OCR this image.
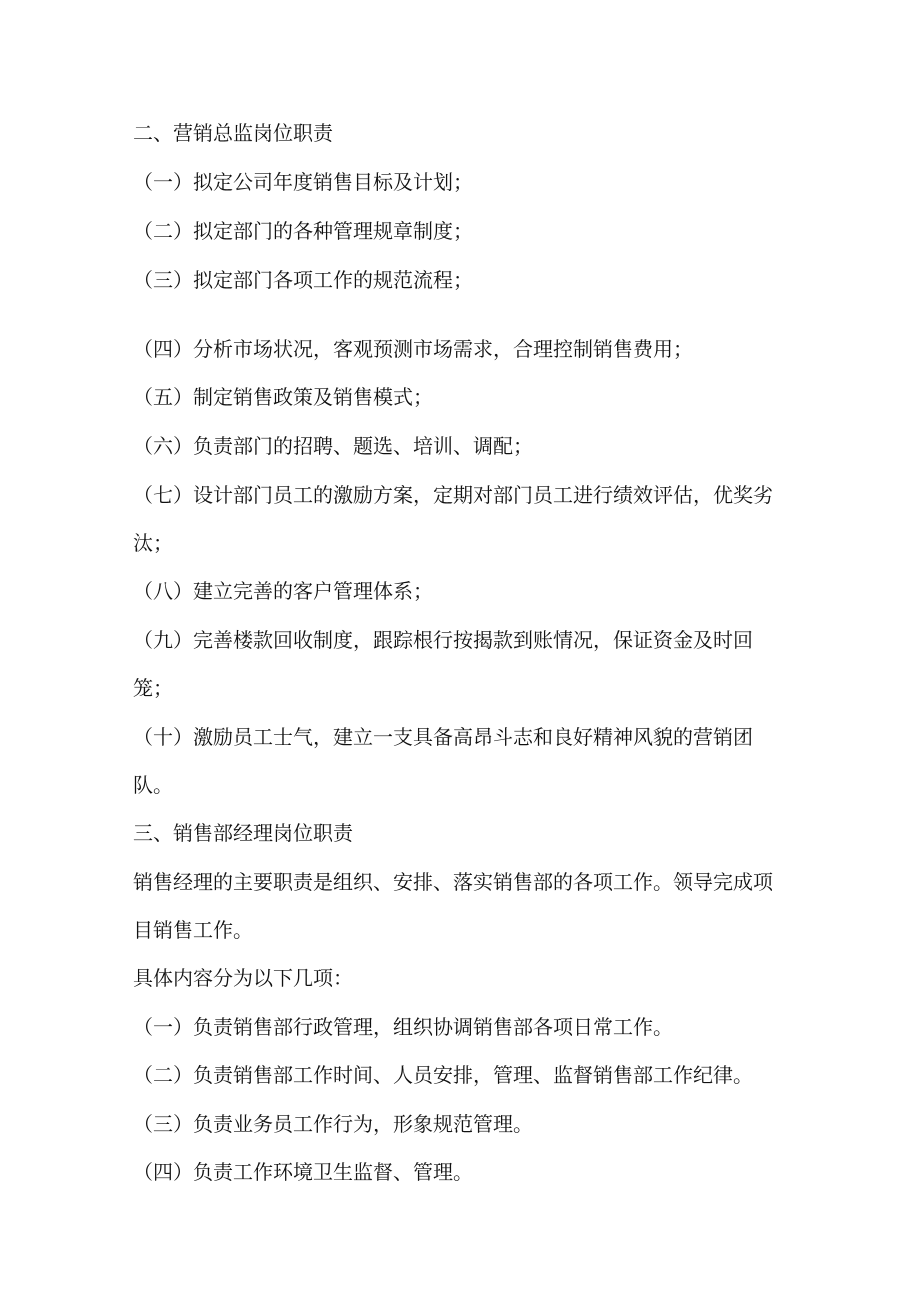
二、营销总监岗位职责
（一）拟定公司年度销售目标及计划；
（二）拟定部门的各种管理规章制度；
（三）拟定部门各项工作的规范流程；
（四）分析市场状况，客观预测市场需求，合理控制销售费用；
（五）制定销售政策及销售模式；
（六）负责部门的招聘、题选、培训、调配；
（七）设计部门员工的激励方案，定期对部门员工进行绩效评估，优奖劣
汰；
（八）建立完善的客户管理体系；
（九）完善楼款回收制度，跟踪根行按揭款到账情况，保证资金及时回
笼；
（十）激励员工士气，建立一支具备高昂斗志和良好精神风貌的营销团
队。
三、销售部经理岗位职责
销售经理的主要职责是组织、安排、落实销售部的各项工作。领导完成项
目销售工作。
具体内容分为以下几项：
（一）负责销售部行政管理，组织协调销售部各项日常工作。
（二）负责销售部工作时间、人员安排，管理、监督销售部工作纪律。
（三）负责业务员工作行为，形象规范管理。
（四）负责工作环境卫生监督、管理。
